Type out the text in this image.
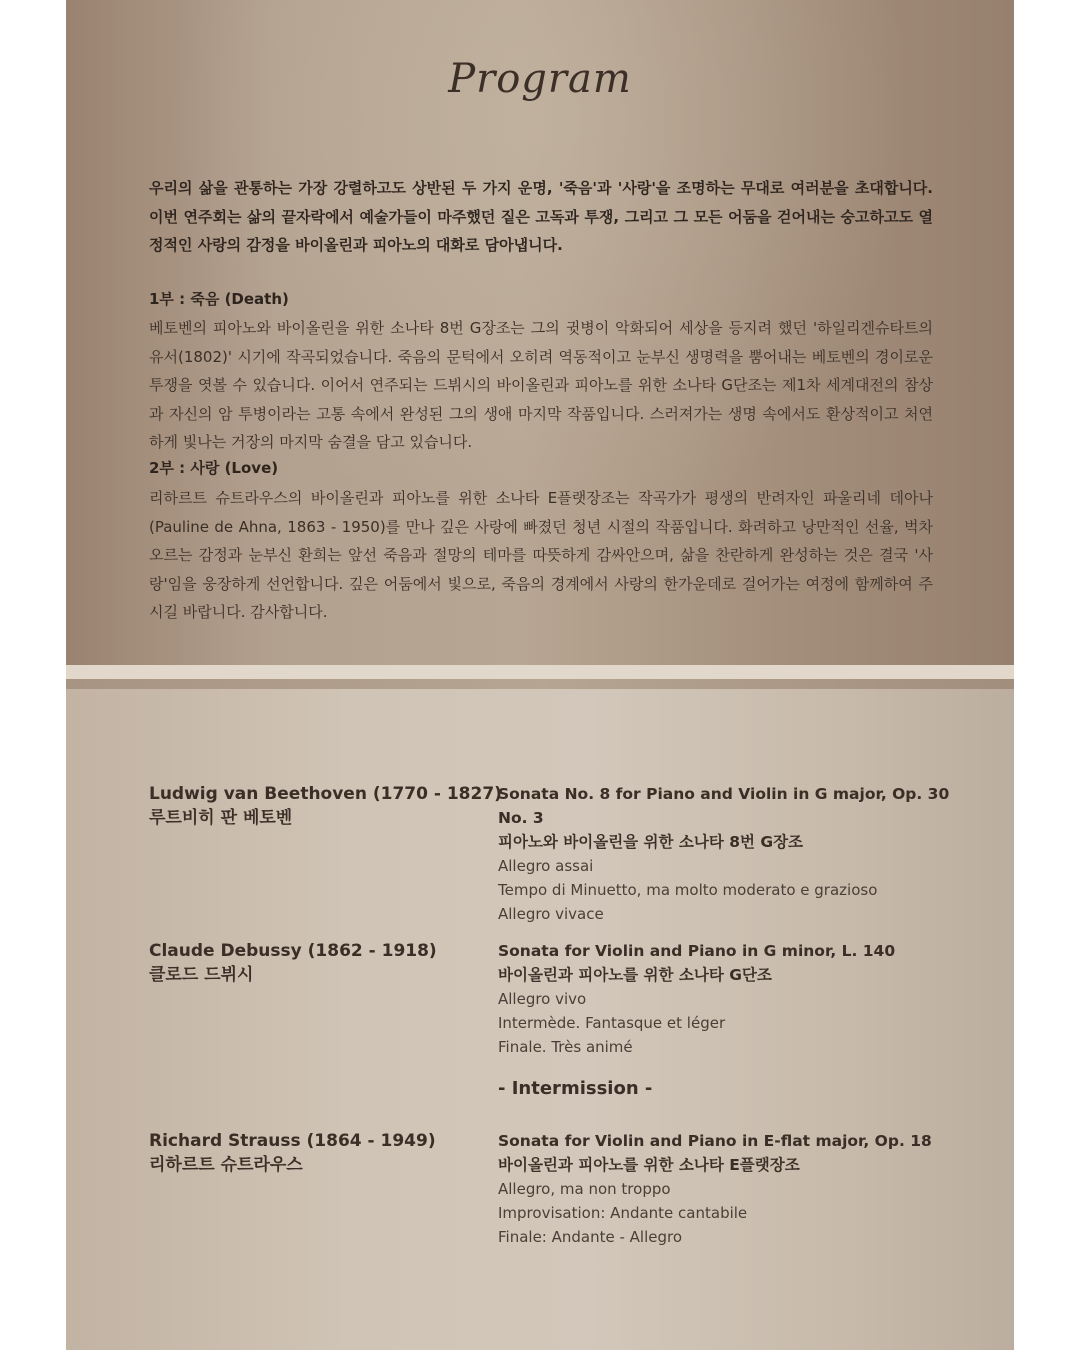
Program

우리의 삶을 관통하는 가장 강렬하고도 상반된 두 가지 운명, '죽음'과 '사랑'을 조명하는 무대로 여러분을 초대합니다. 이번 연주회는 삶의 끝자락에서 예술가들이 마주했던 짙은 고독과 투쟁, 그리고 그 모든 어둠을 걷어내는 숭고하고도 열정적인 사랑의 감정을 바이올린과 피아노의 대화로 담아냅니다.

1부 : 죽음 (Death)

베토벤의 피아노와 바이올린을 위한 소나타 8번 G장조는 그의 귓병이 악화되어 세상을 등지려 했던 '하일리겐슈타트의 유서(1802)' 시기에 작곡되었습니다. 죽음의 문턱에서 오히려 역동적이고 눈부신 생명력을 뿜어내는 베토벤의 경이로운 투쟁을 엿볼 수 있습니다. 이어서 연주되는 드뷔시의 바이올린과 피아노를 위한 소나타 G단조는 제1차 세계대전의 참상과 자신의 암 투병이라는 고통 속에서 완성된 그의 생애 마지막 작품입니다. 스러져가는 생명 속에서도 환상적이고 처연하게 빛나는 거장의 마지막 숨결을 담고 있습니다.

2부 : 사랑 (Love)

리하르트 슈트라우스의 바이올린과 피아노를 위한 소나타 E플랫장조는 작곡가가 평생의 반려자인 파울리네 데아나(Pauline de Ahna, 1863 - 1950)를 만나 깊은 사랑에 빠졌던 청년 시절의 작품입니다. 화려하고 낭만적인 선율, 벅차오르는 감정과 눈부신 환희는 앞선 죽음과 절망의 테마를 따뜻하게 감싸안으며, 삶을 찬란하게 완성하는 것은 결국 '사랑'임을 웅장하게 선언합니다. 깊은 어둠에서 빛으로, 죽음의 경계에서 사랑의 한가운데로 걸어가는 여정에 함께하여 주시길 바랍니다. 감사합니다.

Ludwig van Beethoven (1770 - 1827)
루트비히 판 베토벤
Sonata No. 8 for Piano and Violin in G major, Op. 30 No. 3
피아노와 바이올린을 위한 소나타 8번 G장조
Allegro assai
Tempo di Minuetto, ma molto moderato e grazioso
Allegro vivace
Claude Debussy (1862 - 1918)
클로드 드뷔시
Sonata for Violin and Piano in G minor, L. 140
바이올린과 피아노를 위한 소나타 G단조
Allegro vivo
Intermède. Fantasque et léger
Finale. Très animé
- Intermission -
Richard Strauss (1864 - 1949)
리하르트 슈트라우스
Sonata for Violin and Piano in E-flat major, Op. 18
바이올린과 피아노를 위한 소나타 E플랫장조
Allegro, ma non troppo
Improvisation: Andante cantabile
Finale: Andante - Allegro
